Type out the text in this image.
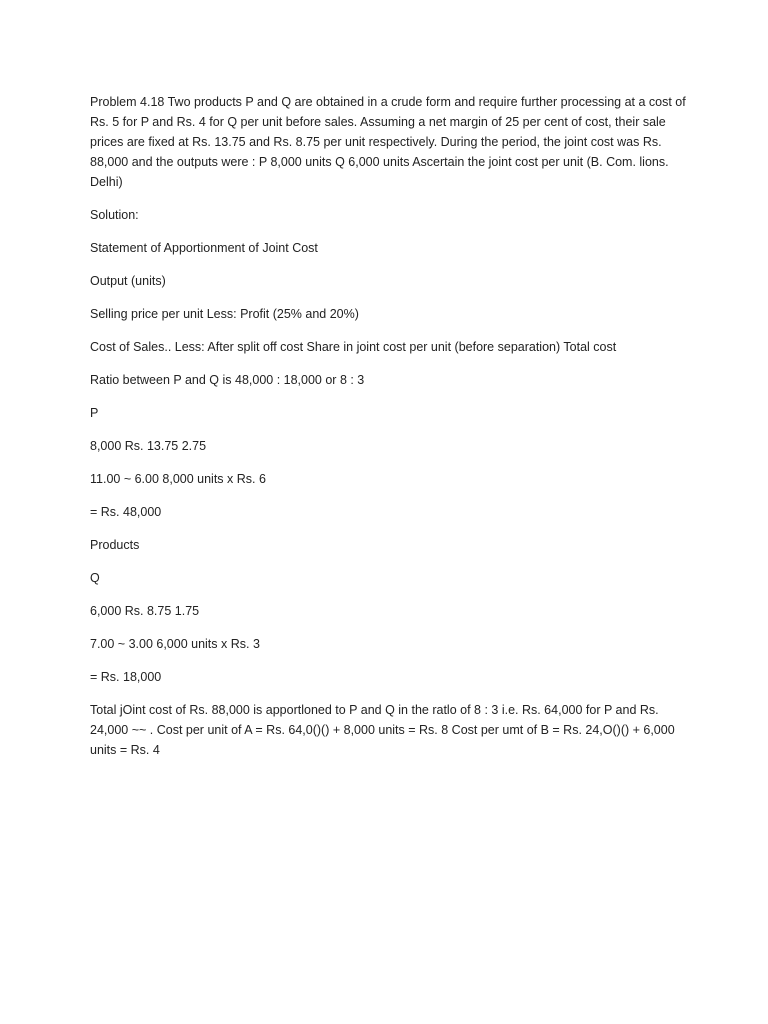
Problem 4.18 Two products P and Q are obtained in a crude form and require further processing at a cost of Rs. 5 for P and Rs. 4 for Q per unit before sales. Assuming a net margin of 25 per cent of cost, their sale prices are fixed at Rs. 13.75 and Rs. 8.75 per unit respectively. During the period, the joint cost was Rs. 88,000 and the outputs were : P 8,000 units Q 6,000 units Ascertain the joint cost per unit (B. Com. lions. Delhi)

Solution:

Statement of Apportionment of Joint Cost

Output (units)

Selling price per unit Less: Profit (25% and 20%)

Cost of Sales.. Less: After split off cost Share in joint cost per unit (before separation) Total cost

Ratio between P and Q is 48,000 : 18,000 or 8 : 3

P

8,000 Rs. 13.75 2.75

11.00 ~ 6.00 8,000 units x Rs. 6

= Rs. 48,000

Products

Q

6,000 Rs. 8.75 1.75

7.00 ~ 3.00 6,000 units x Rs. 3

= Rs. 18,000

Total jOint cost of Rs. 88,000 is apportloned to P and Q in the ratlo of 8 : 3 i.e. Rs. 64,000 for P and Rs. 24,000 ~~ . Cost per unit of A = Rs. 64,0()() + 8,000 units = Rs. 8 Cost per umt of B = Rs. 24,O()() + 6,000 units = Rs. 4
